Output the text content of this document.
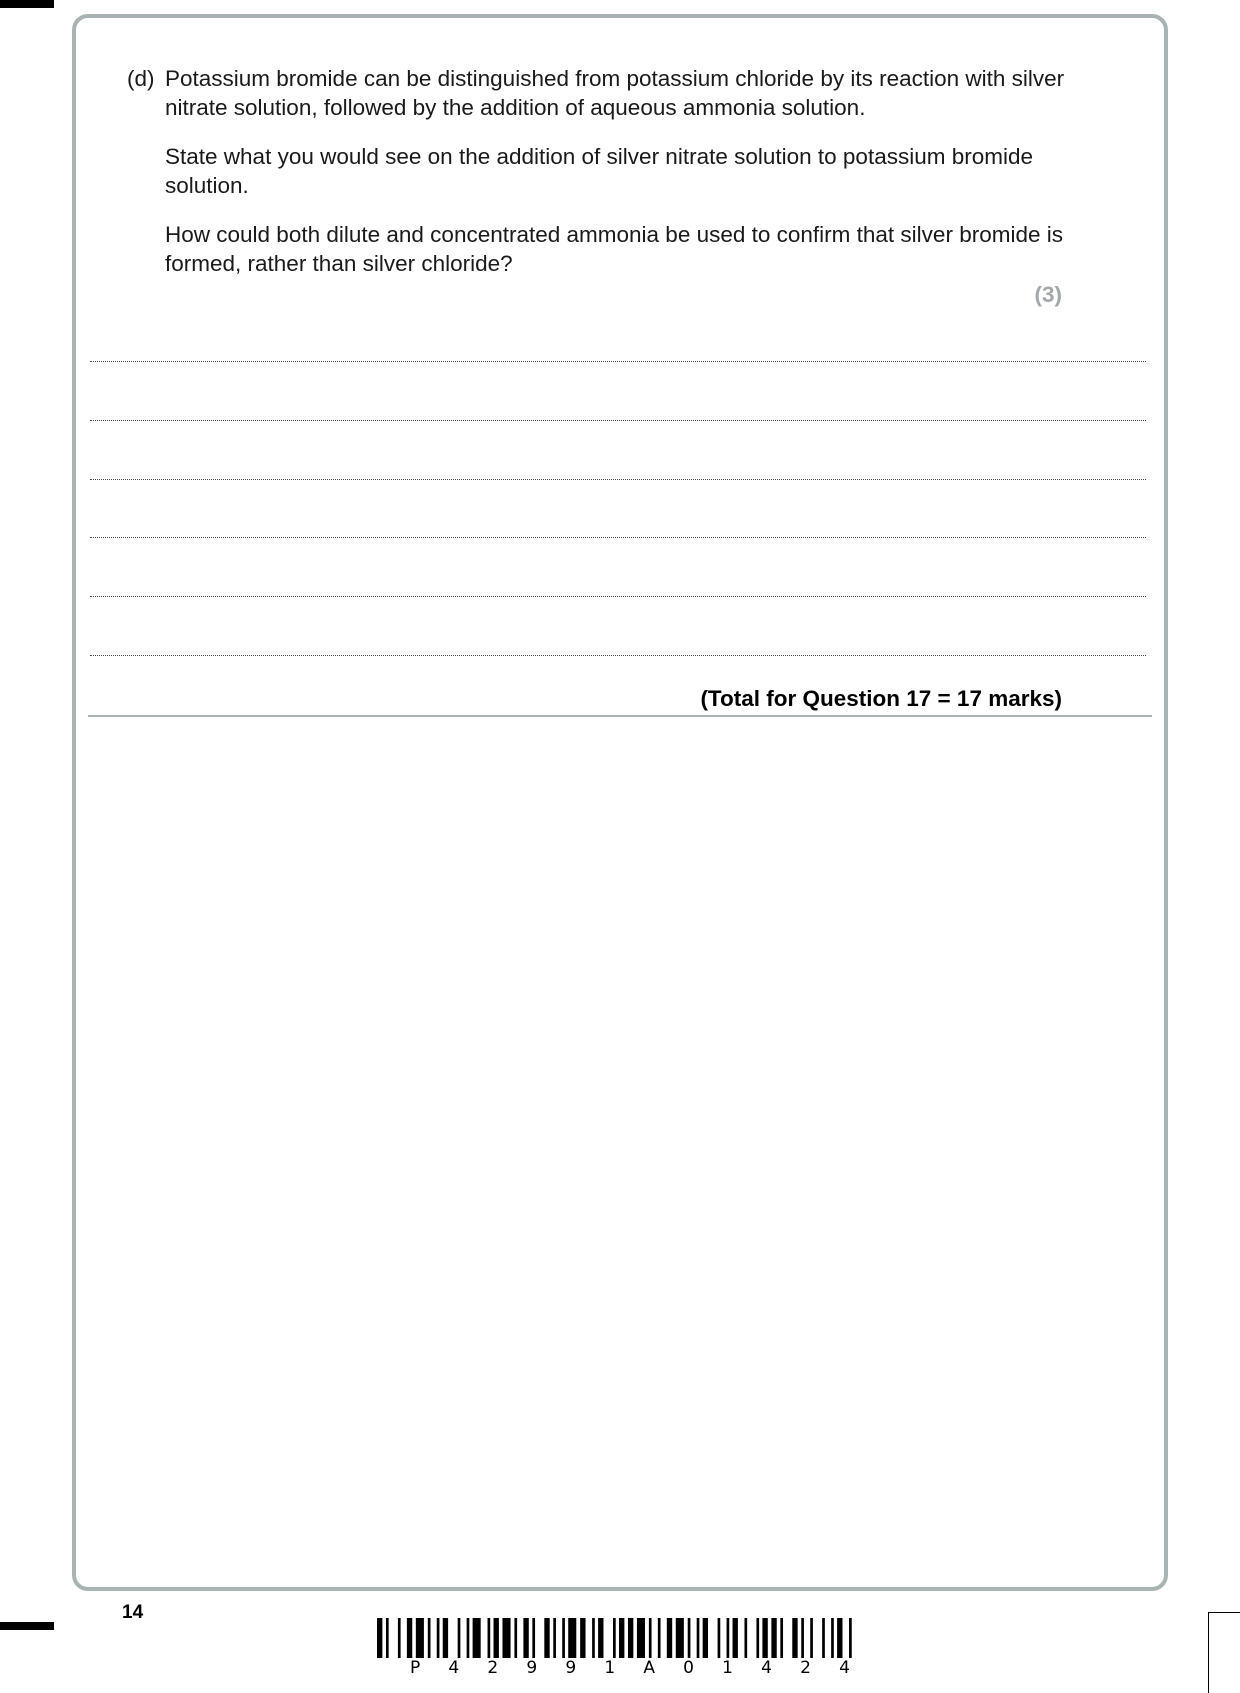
(d) Potassium bromide can be distinguished from potassium chloride by its reaction with silver nitrate solution, followed by the addition of aqueous ammonia solution.

State what you would see on the addition of silver nitrate solution to potassium bromide solution.

How could both dilute and concentrated ammonia be used to confirm that silver bromide is formed, rather than silver chloride?

(3)
(Total for Question 17 = 17 marks)
14
P 4 2 9 9 1 A 0 1 4 2 4
